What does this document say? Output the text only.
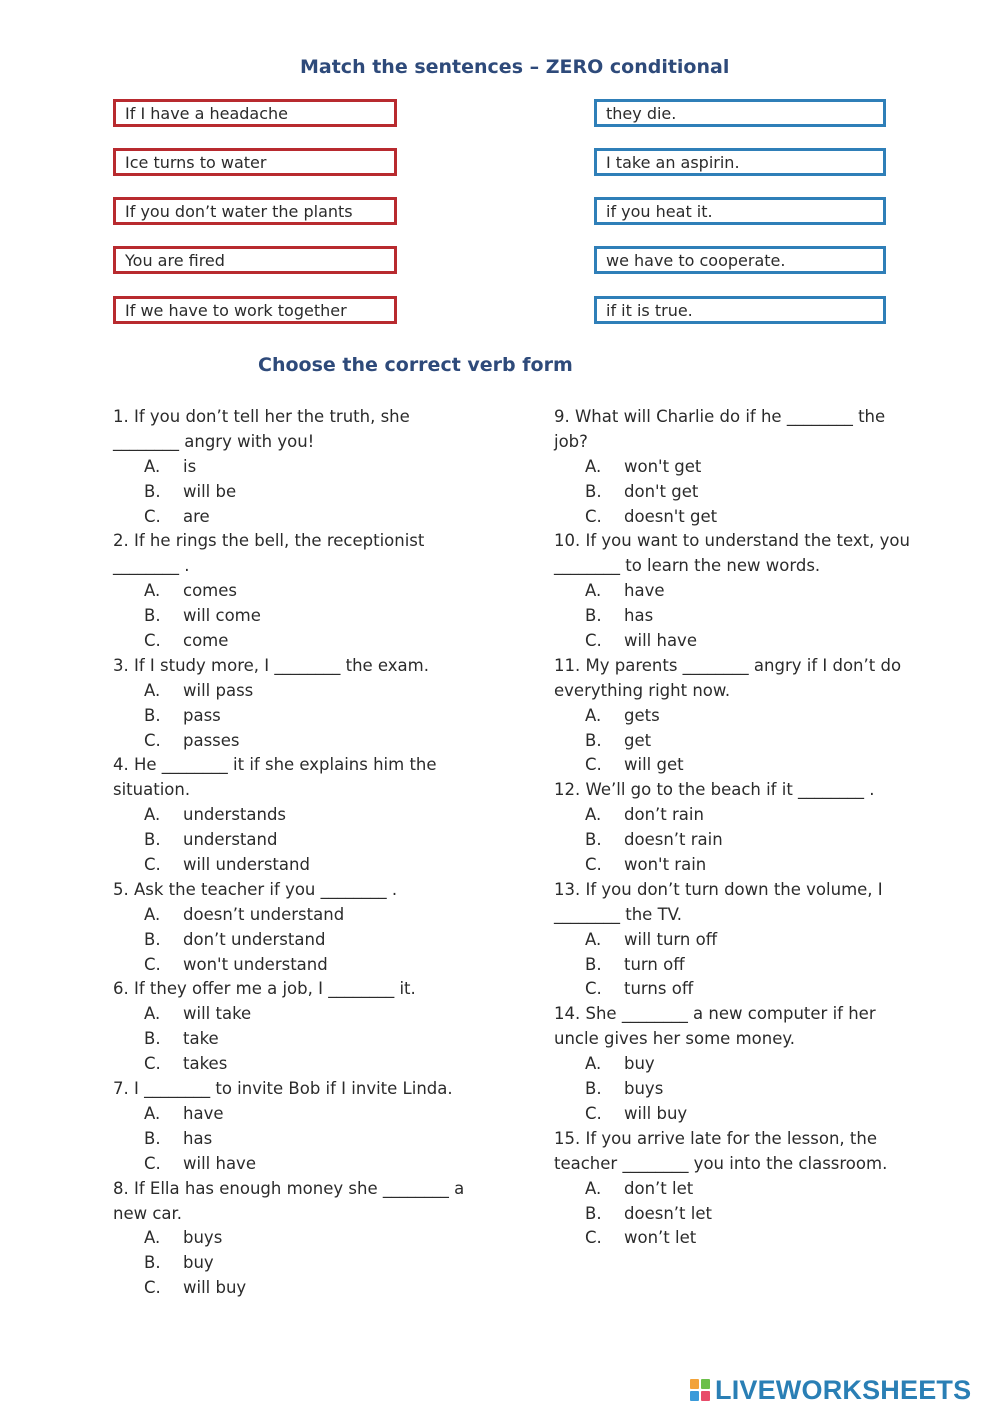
Match the sentences – ZERO conditional
If I have a headache
Ice turns to water
If you don’t water the plants
You are fired
If we have to work together
they die.
I take an aspirin.
if you heat it.
we have to cooperate.
if it is true.
Choose the correct verb form
1. If you don’t tell her the truth, she
________ angry with you!
A. is
B. will be
C. are
2. If he rings the bell, the receptionist
________ .
A. comes
B. will come
C. come
3. If I study more, I ________ the exam.
A. will pass
B. pass
C. passes
4. He ________ it if she explains him the
situation.
A. understands
B. understand
C. will understand
5. Ask the teacher if you ________ .
A. doesn’t understand
B. don’t understand
C. won't understand
6. If they offer me a job, I ________ it.
A. will take
B. take
C. takes
7. I ________ to invite Bob if I invite Linda.
A. have
B. has
C. will have
8. If Ella has enough money she ________ a
new car.
A. buys
B. buy
C. will buy
9. What will Charlie do if he ________ the
job?
A. won't get
B. don't get
C. doesn't get
10. If you want to understand the text, you
________ to learn the new words.
A. have
B. has
C. will have
11. My parents ________ angry if I don’t do
everything right now.
A. gets
B. get
C. will get
12. We’ll go to the beach if it ________ .
A. don’t rain
B. doesn’t rain
C. won't rain
13. If you don’t turn down the volume, I
________ the TV.
A. will turn off
B. turn off
C. turns off
14. She ________ a new computer if her
uncle gives her some money.
A. buy
B. buys
C. will buy
15. If you arrive late for the lesson, the
teacher ________ you into the classroom.
A. don’t let
B. doesn’t let
C. won’t let
LIVEWORKSHEETS
